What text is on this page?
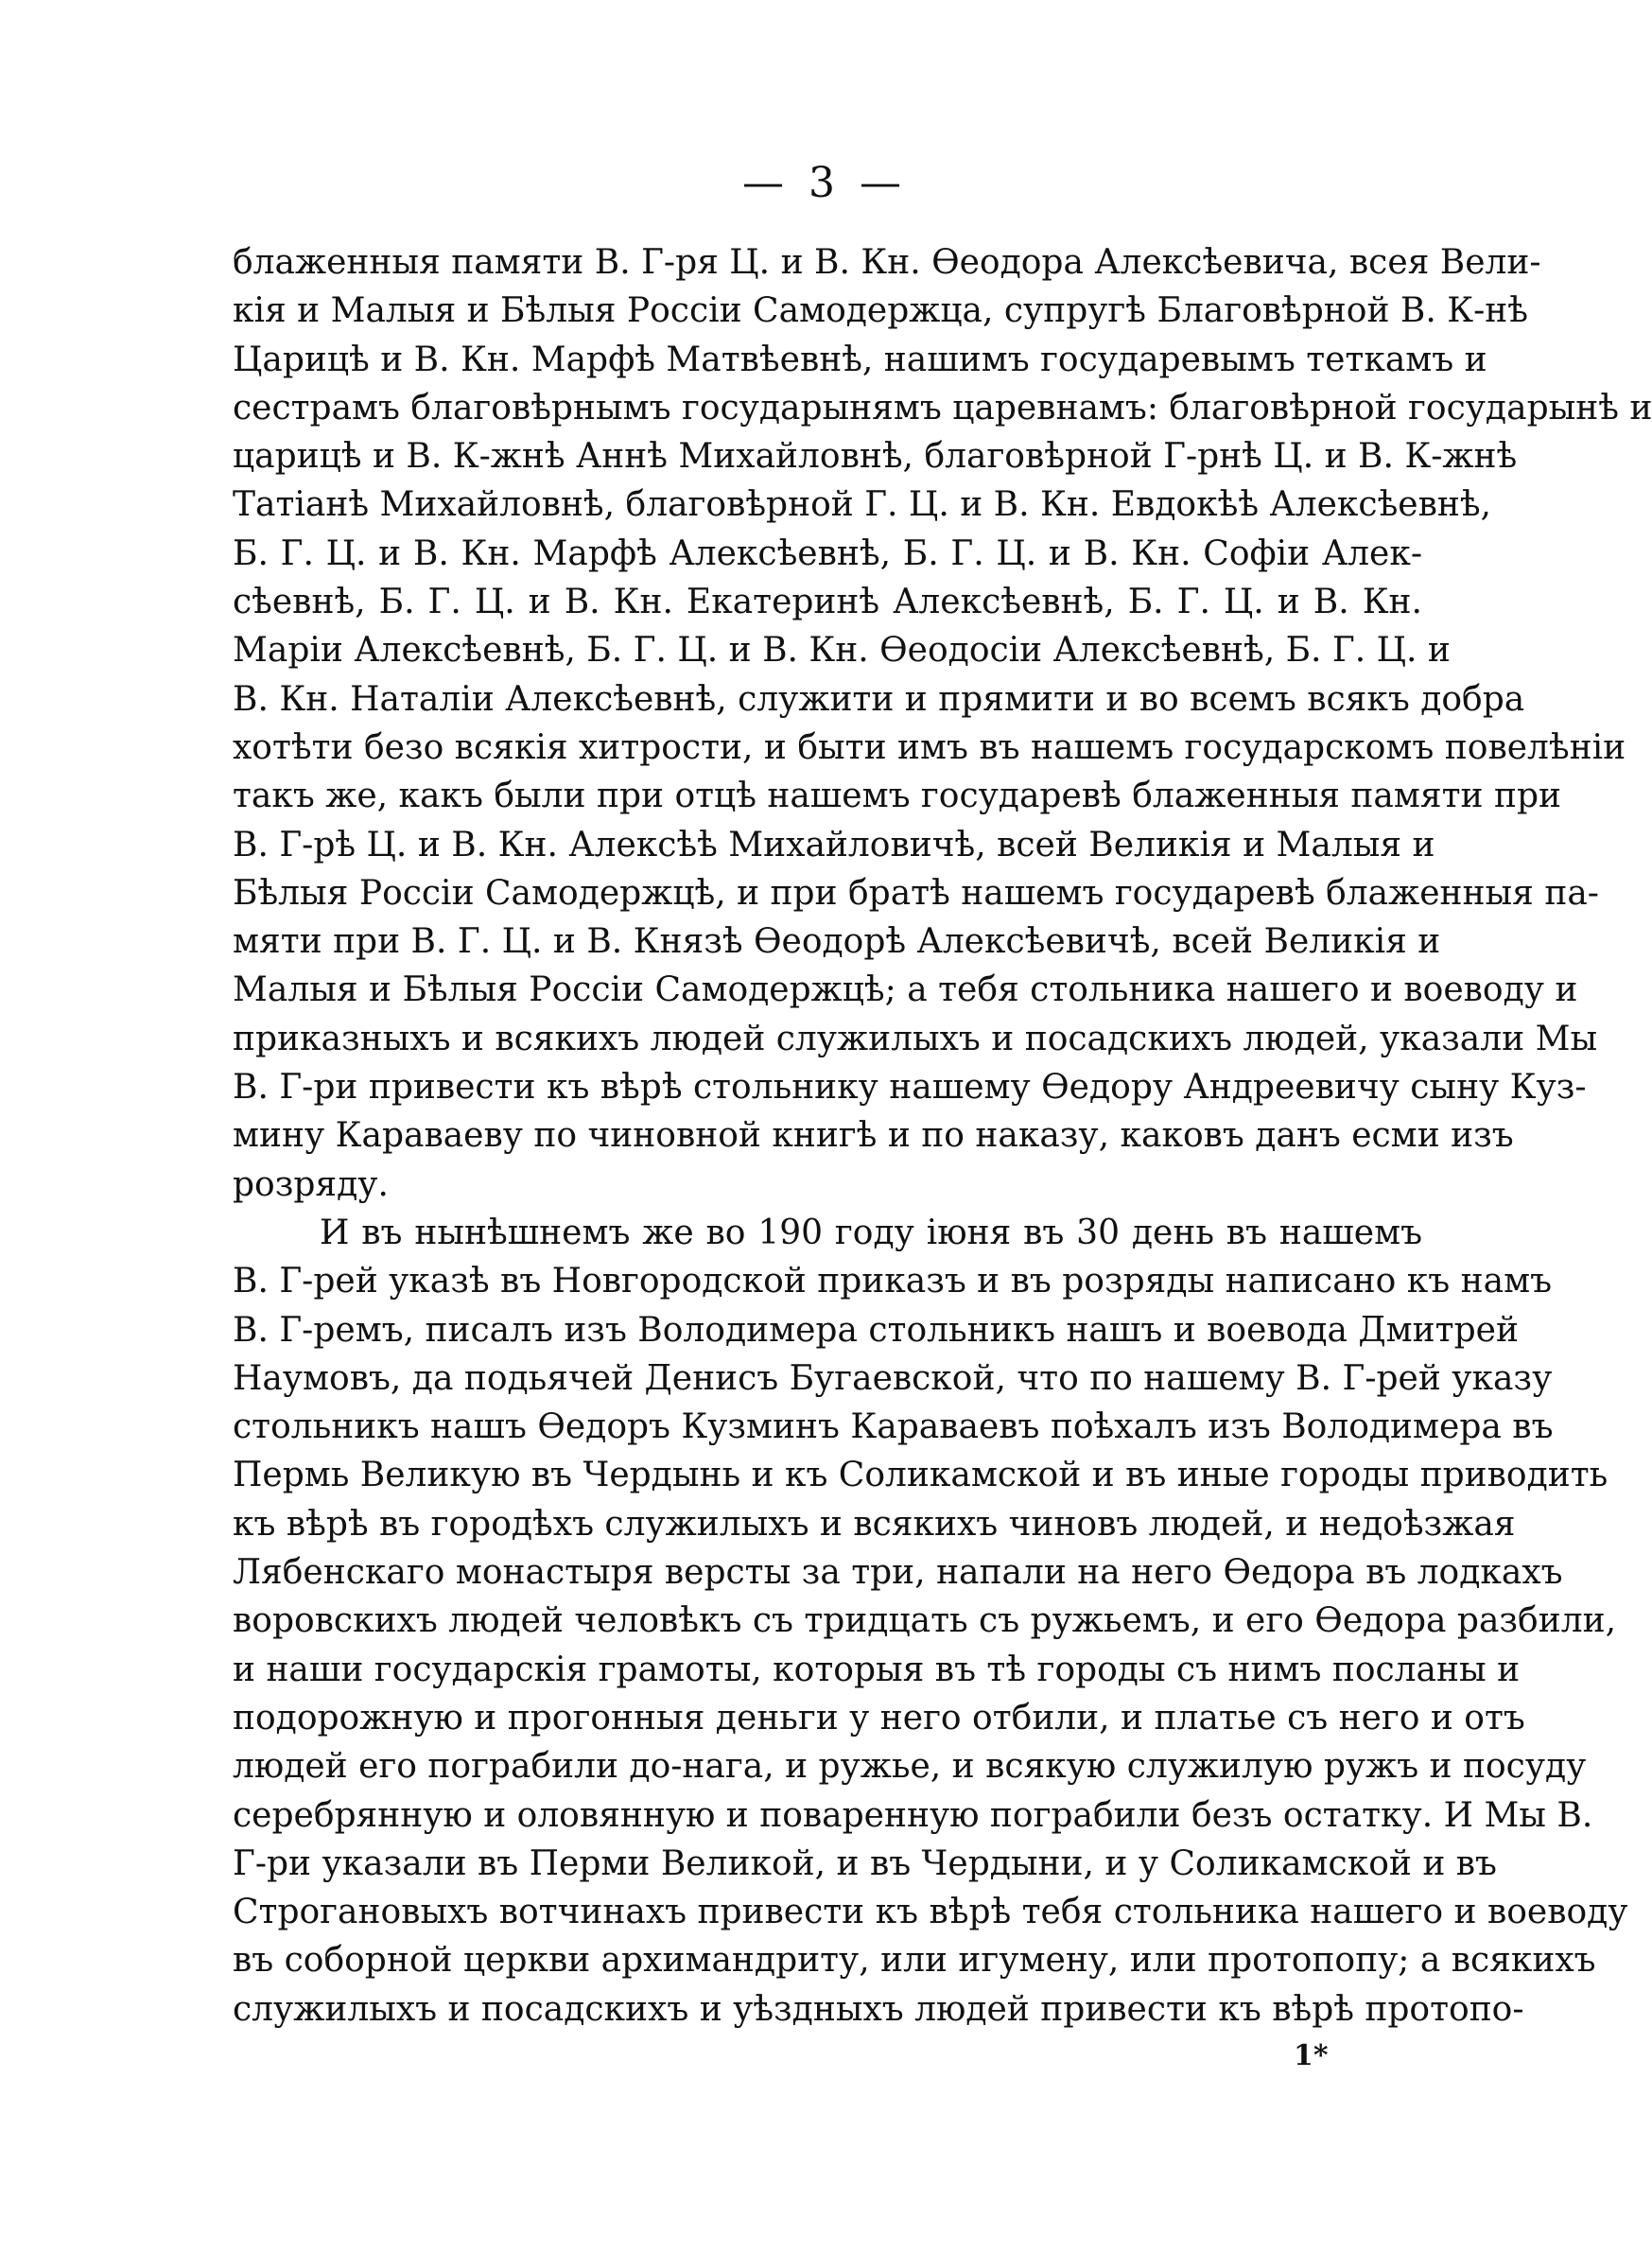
— 3 —
блаженныя памяти В. Г-ря Ц. и В. Кн. Ѳеодора Алексѣевича, всея Вели-
кія и Малыя и Бѣлыя Россіи Самодержца, супругѣ Благовѣрной В. К-нѣ
Царицѣ и В. Кн. Марфѣ Матвѣевнѣ, нашимъ государевымъ теткамъ и
сестрамъ благовѣрнымъ государынямъ царевнамъ: благовѣрной государынѣ и
царицѣ и В. К-жнѣ Аннѣ Михайловнѣ, благовѣрной Г-рнѣ Ц. и В. К-жнѣ
Татіанѣ Михайловнѣ, благовѣрной Г. Ц. и В. Кн. Евдокѣѣ Алексѣевнѣ,
Б. Г. Ц. и В. Кн. Марфѣ Алексѣевнѣ, Б. Г. Ц. и В. Кн. Софіи Алек-
сѣевнѣ, Б. Г. Ц. и В. Кн. Екатеринѣ Алексѣевнѣ, Б. Г. Ц. и В. Кн.
Маріи Алексѣевнѣ, Б. Г. Ц. и В. Кн. Ѳеодосіи Алексѣевнѣ, Б. Г. Ц. и
В. Кн. Наталіи Алексѣевнѣ, служити и прямити и во всемъ всякъ добра
хотѣти безо всякія хитрости, и быти имъ въ нашемъ государскомъ повелѣніи
такъ же, какъ были при отцѣ нашемъ государевѣ блаженныя памяти при
В. Г-рѣ Ц. и В. Кн. Алексѣѣ Михайловичѣ, всей Великія и Малыя и
Бѣлыя Россіи Самодержцѣ, и при братѣ нашемъ государевѣ блаженныя па-
мяти при В. Г. Ц. и В. Князѣ Ѳеодорѣ Алексѣевичѣ, всей Великія и
Малыя и Бѣлыя Россіи Самодержцѣ; а тебя стольника нашего и воеводу и
приказныхъ и всякихъ людей служилыхъ и посадскихъ людей, указали Мы
В. Г-ри привести къ вѣрѣ стольнику нашему Ѳедору Андреевичу сыну Куз-
мину Караваеву по чиновной книгѣ и по наказу, каковъ данъ есми изъ
розряду.
И въ нынѣшнемъ же во 190 году іюня въ 30 день въ нашемъ
В. Г-рей указѣ въ Новгородской приказъ и въ розряды написано къ намъ
В. Г-ремъ, писалъ изъ Володимера стольникъ нашъ и воевода Дмитрей
Наумовъ, да подьячей Денисъ Бугаевской, что по нашему В. Г-рей указу
стольникъ нашъ Ѳедоръ Кузминъ Караваевъ поѣхалъ изъ Володимера въ
Пермь Великую въ Чердынь и къ Соликамской и въ иные городы приводить
къ вѣрѣ въ городѣхъ служилыхъ и всякихъ чиновъ людей, и недоѣзжая
Лябенскаго монастыря версты за три, напали на него Ѳедора въ лодкахъ
воровскихъ людей человѣкъ съ тридцать съ ружьемъ, и его Ѳедора разбили,
и наши государскія грамоты, которыя въ тѣ городы съ нимъ посланы и
подорожную и прогонныя деньги у него отбили, и платье съ него и отъ
людей его пограбили до-нага, и ружье, и всякую служилую ружъ и посуду
серебрянную и оловянную и поваренную пограбили безъ остатку. И Мы В.
Г-ри указали въ Перми Великой, и въ Чердыни, и у Соликамской и въ
Строгановыхъ вотчинахъ привести къ вѣрѣ тебя стольника нашего и воеводу
въ соборной церкви архимандриту, или игумену, или протопопу; а всякихъ
служилыхъ и посадскихъ и уѣздныхъ людей привести къ вѣрѣ протопо-
1*
